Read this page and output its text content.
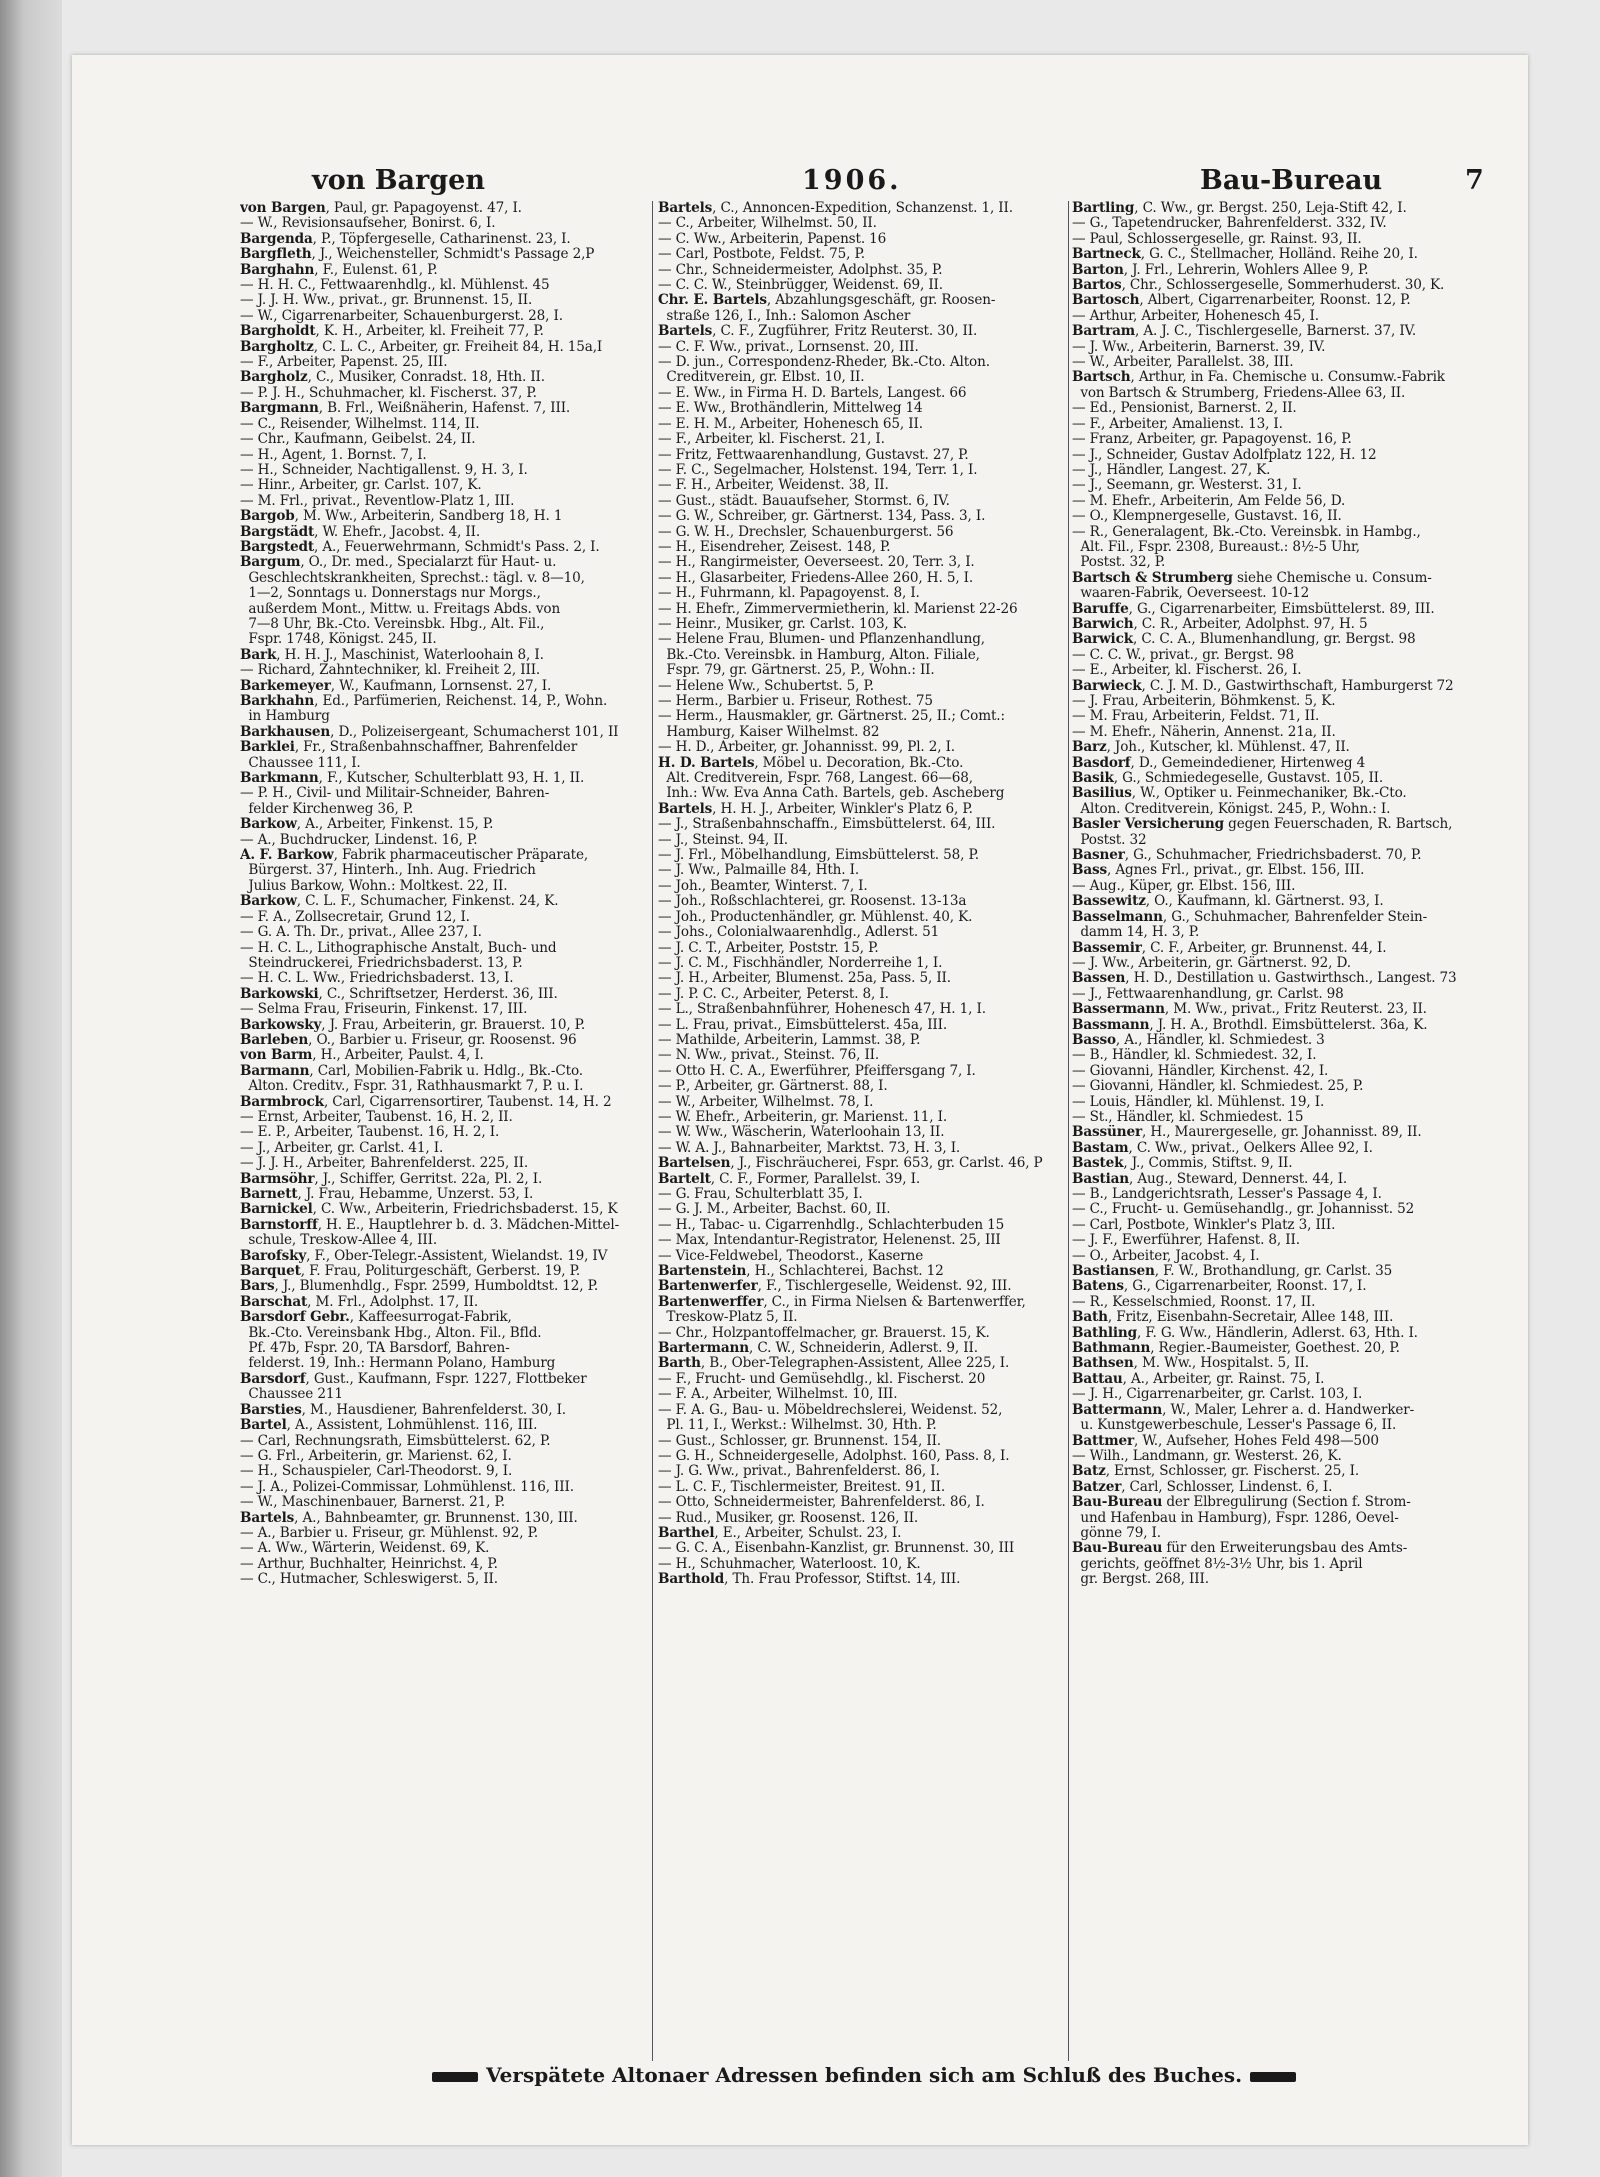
von Bargen	1906.	Bau-Bureau	7
von Bargen, Paul, gr. Papagoyenst. 47, I.
— W., Revisionsaufseher, Bonirst. 6, I.
Bargenda, P., Töpfergeselle, Catharinenst. 23, I.
Bargfleth, J., Weichensteller, Schmidt's Passage 2,P
Barghahn, F., Eulenst. 61, P.
— H. H. C., Fettwaarenhdlg., kl. Mühlenst. 45
— J. J. H. Ww., privat., gr. Brunnenst. 15, II.
— W., Cigarrenarbeiter, Schauenburgerst. 28, I.
Bargholdt, K. H., Arbeiter, kl. Freiheit 77, P.
Bargholtz, C. L. C., Arbeiter, gr. Freiheit 84, H. 15a,I
— F., Arbeiter, Papenst. 25, III.
Bargholz, C., Musiker, Conradst. 18, Hth. II.
— P. J. H., Schuhmacher, kl. Fischerst. 37, P.
Bargmann, B. Frl., Weißnäherin, Hafenst. 7, III.
— C., Reisender, Wilhelmst. 114, II.
— Chr., Kaufmann, Geibelst. 24, II.
— H., Agent, 1. Bornst. 7, I.
— H., Schneider, Nachtigallenst. 9, H. 3, I.
— Hinr., Arbeiter, gr. Carlst. 107, K.
— M. Frl., privat., Reventlow-Platz 1, III.
Bargob, M. Ww., Arbeiterin, Sandberg 18, H. 1
Bargstädt, W. Ehefr., Jacobst. 4, II.
Bargstedt, A., Feuerwehrmann, Schmidt's Pass. 2, I.
Bargum, O., Dr. med., Specialarzt für Haut- u.
Geschlechtskrankheiten, Sprechst.: tägl. v. 8—10,
1—2, Sonntags u. Donnerstags nur Morgs.,
außerdem Mont., Mittw. u. Freitags Abds. von
7—8 Uhr, Bk.-Cto. Vereinsbk. Hbg., Alt. Fil.,
Fspr. 1748, Königst. 245, II.
Bark, H. H. J., Maschinist, Waterloohain 8, I.
— Richard, Zahntechniker, kl. Freiheit 2, III.
Barkemeyer, W., Kaufmann, Lornsenst. 27, I.
Barkhahn, Ed., Parfümerien, Reichenst. 14, P., Wohn.
in Hamburg
Barkhausen, D., Polizeisergeant, Schumacherst 101, II
Barklei, Fr., Straßenbahnschaffner, Bahrenfelder
Chaussee 111, I.
Barkmann, F., Kutscher, Schulterblatt 93, H. 1, II.
— P. H., Civil- und Militair-Schneider, Bahren-
felder Kirchenweg 36, P.
Barkow, A., Arbeiter, Finkenst. 15, P.
— A., Buchdrucker, Lindenst. 16, P.
A. F. Barkow, Fabrik pharmaceutischer Präparate,
Bürgerst. 37, Hinterh., Inh. Aug. Friedrich
Julius Barkow, Wohn.: Moltkest. 22, II.
Barkow, C. L. F., Schumacher, Finkenst. 24, K.
— F. A., Zollsecretair, Grund 12, I.
— G. A. Th. Dr., privat., Allee 237, I.
— H. C. L., Lithographische Anstalt, Buch- und
Steindruckerei, Friedrichsbaderst. 13, P.
— H. C. L. Ww., Friedrichsbaderst. 13, I.
Barkowski, C., Schriftsetzer, Herderst. 36, III.
— Selma Frau, Friseurin, Finkenst. 17, III.
Barkowsky, J. Frau, Arbeiterin, gr. Brauerst. 10, P.
Barleben, O., Barbier u. Friseur, gr. Roosenst. 96
von Barm, H., Arbeiter, Paulst. 4, I.
Barmann, Carl, Mobilien-Fabrik u. Hdlg., Bk.-Cto.
Alton. Creditv., Fspr. 31, Rathhausmarkt 7, P. u. I.
Barmbrock, Carl, Cigarrensortirer, Taubenst. 14, H. 2
— Ernst, Arbeiter, Taubenst. 16, H. 2, II.
— E. P., Arbeiter, Taubenst. 16, H. 2, I.
— J., Arbeiter, gr. Carlst. 41, I.
— J. J. H., Arbeiter, Bahrenfelderst. 225, II.
Barmsöhr, J., Schiffer, Gerritst. 22a, Pl. 2, I.
Barnett, J. Frau, Hebamme, Unzerst. 53, I.
Barnickel, C. Ww., Arbeiterin, Friedrichsbaderst. 15, K
Barnstorff, H. E., Hauptlehrer b. d. 3. Mädchen-Mittel-
schule, Treskow-Allee 4, III.
Barofsky, F., Ober-Telegr.-Assistent, Wielandst. 19, IV
Barquet, F. Frau, Politurgeschäft, Gerberst. 19, P.
Bars, J., Blumenhdlg., Fspr. 2599, Humboldtst. 12, P.
Barschat, M. Frl., Adolphst. 17, II.
Barsdorf Gebr., Kaffeesurrogat-Fabrik,
Bk.-Cto. Vereinsbank Hbg., Alton. Fil., Bfld.
Pf. 47b, Fspr. 20, TA Barsdorf, Bahren-
felderst. 19, Inh.: Hermann Polano, Hamburg
Barsdorf, Gust., Kaufmann, Fspr. 1227, Flottbeker
Chaussee 211
Barsties, M., Hausdiener, Bahrenfelderst. 30, I.
Bartel, A., Assistent, Lohmühlenst. 116, III.
— Carl, Rechnungsrath, Eimsbüttelerst. 62, P.
— G. Frl., Arbeiterin, gr. Marienst. 62, I.
— H., Schauspieler, Carl-Theodorst. 9, I.
— J. A., Polizei-Commissar, Lohmühlenst. 116, III.
— W., Maschinenbauer, Barnerst. 21, P.
Bartels, A., Bahnbeamter, gr. Brunnenst. 130, III.
— A., Barbier u. Friseur, gr. Mühlenst. 92, P.
— A. Ww., Wärterin, Weidenst. 69, K.
— Arthur, Buchhalter, Heinrichst. 4, P.
— C., Hutmacher, Schleswigerst. 5, II.
Bartels, C., Annoncen-Expedition, Schanzenst. 1, II.
— C., Arbeiter, Wilhelmst. 50, II.
— C. Ww., Arbeiterin, Papenst. 16
— Carl, Postbote, Feldst. 75, P.
— Chr., Schneidermeister, Adolphst. 35, P.
— C. C. W., Steinbrügger, Weidenst. 69, II.
Chr. E. Bartels, Abzahlungsgeschäft, gr. Roosen-
straße 126, I., Inh.: Salomon Ascher
Bartels, C. F., Zugführer, Fritz Reuterst. 30, II.
— C. F. Ww., privat., Lornsenst. 20, III.
— D. jun., Correspondenz-Rheder, Bk.-Cto. Alton.
Creditverein, gr. Elbst. 10, II.
— E. Ww., in Firma H. D. Bartels, Langest. 66
— E. Ww., Brothändlerin, Mittelweg 14
— E. H. M., Arbeiter, Hohenesch 65, II.
— F., Arbeiter, kl. Fischerst. 21, I.
— Fritz, Fettwaarenhandlung, Gustavst. 27, P.
— F. C., Segelmacher, Holstenst. 194, Terr. 1, I.
— F. H., Arbeiter, Weidenst. 38, II.
— Gust., städt. Bauaufseher, Stormst. 6, IV.
— G. W., Schreiber, gr. Gärtnerst. 134, Pass. 3, I.
— G. W. H., Drechsler, Schauenburgerst. 56
— H., Eisendreher, Zeisest. 148, P.
— H., Rangirmeister, Oeverseest. 20, Terr. 3, I.
— H., Glasarbeiter, Friedens-Allee 260, H. 5, I.
— H., Fuhrmann, kl. Papagoyenst. 8, I.
— H. Ehefr., Zimmervermietherin, kl. Marienst 22-26
— Heinr., Musiker, gr. Carlst. 103, K.
— Helene Frau, Blumen- und Pflanzenhandlung,
Bk.-Cto. Vereinsbk. in Hamburg, Alton. Filiale,
Fspr. 79, gr. Gärtnerst. 25, P., Wohn.: II.
— Helene Ww., Schubertst. 5, P.
— Herm., Barbier u. Friseur, Rothest. 75
— Herm., Hausmakler, gr. Gärtnerst. 25, II.; Comt.:
Hamburg, Kaiser Wilhelmst. 82
— H. D., Arbeiter, gr. Johannisst. 99, Pl. 2, I.
H. D. Bartels, Möbel u. Decoration, Bk.-Cto.
Alt. Creditverein, Fspr. 768, Langest. 66—68,
Inh.: Ww. Eva Anna Cath. Bartels, geb. Ascheberg
Bartels, H. H. J., Arbeiter, Winkler's Platz 6, P.
— J., Straßenbahnschaffn., Eimsbüttelerst. 64, III.
— J., Steinst. 94, II.
— J. Frl., Möbelhandlung, Eimsbüttelerst. 58, P.
— J. Ww., Palmaille 84, Hth. I.
— Joh., Beamter, Winterst. 7, I.
— Joh., Roßschlachterei, gr. Roosenst. 13-13a
— Joh., Productenhändler, gr. Mühlenst. 40, K.
— Johs., Colonialwaarenhdlg., Adlerst. 51
— J. C. T., Arbeiter, Poststr. 15, P.
— J. C. M., Fischhändler, Norderreihe 1, I.
— J. H., Arbeiter, Blumenst. 25a, Pass. 5, II.
— J. P. C. C., Arbeiter, Peterst. 8, I.
— L., Straßenbahnführer, Hohenesch 47, H. 1, I.
— L. Frau, privat., Eimsbüttelerst. 45a, III.
— Mathilde, Arbeiterin, Lammst. 38, P.
— N. Ww., privat., Steinst. 76, II.
— Otto H. C. A., Ewerführer, Pfeiffersgang 7, I.
— P., Arbeiter, gr. Gärtnerst. 88, I.
— W., Arbeiter, Wilhelmst. 78, I.
— W. Ehefr., Arbeiterin, gr. Marienst. 11, I.
— W. Ww., Wäscherin, Waterloohain 13, II.
— W. A. J., Bahnarbeiter, Marktst. 73, H. 3, I.
Bartelsen, J., Fischräucherei, Fspr. 653, gr. Carlst. 46, P
Bartelt, C. F., Former, Parallelst. 39, I.
— G. Frau, Schulterblatt 35, I.
— G. J. M., Arbeiter, Bachst. 60, II.
— H., Tabac- u. Cigarrenhdlg., Schlachterbuden 15
— Max, Intendantur-Registrator, Helenenst. 25, III
— Vice-Feldwebel, Theodorst., Kaserne
Bartenstein, H., Schlachterei, Bachst. 12
Bartenwerfer, F., Tischlergeselle, Weidenst. 92, III.
Bartenwerffer, C., in Firma Nielsen & Bartenwerffer,
Treskow-Platz 5, II.
— Chr., Holzpantoffelmacher, gr. Brauerst. 15, K.
Bartermann, C. W., Schneiderin, Adlerst. 9, II.
Barth, B., Ober-Telegraphen-Assistent, Allee 225, I.
— F., Frucht- und Gemüsehdlg., kl. Fischerst. 20
— F. A., Arbeiter, Wilhelmst. 10, III.
— F. A. G., Bau- u. Möbeldrechslerei, Weidenst. 52,
Pl. 11, I., Werkst.: Wilhelmst. 30, Hth. P.
— Gust., Schlosser, gr. Brunnenst. 154, II.
— G. H., Schneidergeselle, Adolphst. 160, Pass. 8, I.
— J. G. Ww., privat., Bahrenfelderst. 86, I.
— L. C. F., Tischlermeister, Breitest. 91, II.
— Otto, Schneidermeister, Bahrenfelderst. 86, I.
— Rud., Musiker, gr. Roosenst. 126, II.
Barthel, E., Arbeiter, Schulst. 23, I.
— G. C. A., Eisenbahn-Kanzlist, gr. Brunnenst. 30, III
— H., Schuhmacher, Waterloost. 10, K.
Barthold, Th. Frau Professor, Stiftst. 14, III.
Bartling, C. Ww., gr. Bergst. 250, Leja-Stift 42, I.
— G., Tapetendrucker, Bahrenfelderst. 332, IV.
— Paul, Schlossergeselle, gr. Rainst. 93, II.
Bartneck, G. C., Stellmacher, Holländ. Reihe 20, I.
Barton, J. Frl., Lehrerin, Wohlers Allee 9, P.
Bartos, Chr., Schlossergeselle, Sommerhuderst. 30, K.
Bartosch, Albert, Cigarrenarbeiter, Roonst. 12, P.
— Arthur, Arbeiter, Hohenesch 45, I.
Bartram, A. J. C., Tischlergeselle, Barnerst. 37, IV.
— J. Ww., Arbeiterin, Barnerst. 39, IV.
— W., Arbeiter, Parallelst. 38, III.
Bartsch, Arthur, in Fa. Chemische u. Consumw.-Fabrik
von Bartsch & Strumberg, Friedens-Allee 63, II.
— Ed., Pensionist, Barnerst. 2, II.
— F., Arbeiter, Amalienst. 13, I.
— Franz, Arbeiter, gr. Papagoyenst. 16, P.
— J., Schneider, Gustav Adolfplatz 122, H. 12
— J., Händler, Langest. 27, K.
— J., Seemann, gr. Westerst. 31, I.
— M. Ehefr., Arbeiterin, Am Felde 56, D.
— O., Klempnergeselle, Gustavst. 16, II.
— R., Generalagent, Bk.-Cto. Vereinsbk. in Hambg.,
Alt. Fil., Fspr. 2308, Bureaust.: 8½-5 Uhr,
Postst. 32, P.
Bartsch & Strumberg siehe Chemische u. Consum-
waaren-Fabrik, Oeverseest. 10-12
Baruffe, G., Cigarrenarbeiter, Eimsbüttelerst. 89, III.
Barwich, C. R., Arbeiter, Adolphst. 97, H. 5
Barwick, C. C. A., Blumenhandlung, gr. Bergst. 98
— C. C. W., privat., gr. Bergst. 98
— E., Arbeiter, kl. Fischerst. 26, I.
Barwieck, C. J. M. D., Gastwirthschaft, Hamburgerst 72
— J. Frau, Arbeiterin, Böhmkenst. 5, K.
— M. Frau, Arbeiterin, Feldst. 71, II.
— M. Ehefr., Näherin, Annenst. 21a, II.
Barz, Joh., Kutscher, kl. Mühlenst. 47, II.
Basdorf, D., Gemeindediener, Hirtenweg 4
Basik, G., Schmiedegeselle, Gustavst. 105, II.
Basilius, W., Optiker u. Feinmechaniker, Bk.-Cto.
Alton. Creditverein, Königst. 245, P., Wohn.: I.
Basler Versicherung gegen Feuerschaden, R. Bartsch,
Postst. 32
Basner, G., Schuhmacher, Friedrichsbaderst. 70, P.
Bass, Agnes Frl., privat., gr. Elbst. 156, III.
— Aug., Küper, gr. Elbst. 156, III.
Bassewitz, O., Kaufmann, kl. Gärtnerst. 93, I.
Basselmann, G., Schuhmacher, Bahrenfelder Stein-
damm 14, H. 3, P.
Bassemir, C. F., Arbeiter, gr. Brunnenst. 44, I.
— J. Ww., Arbeiterin, gr. Gärtnerst. 92, D.
Bassen, H. D., Destillation u. Gastwirthsch., Langest. 73
— J., Fettwaarenhandlung, gr. Carlst. 98
Bassermann, M. Ww., privat., Fritz Reuterst. 23, II.
Bassmann, J. H. A., Brothdl. Eimsbüttelerst. 36a, K.
Basso, A., Händler, kl. Schmiedest. 3
— B., Händler, kl. Schmiedest. 32, I.
— Giovanni, Händler, Kirchenst. 42, I.
— Giovanni, Händler, kl. Schmiedest. 25, P.
— Louis, Händler, kl. Mühlenst. 19, I.
— St., Händler, kl. Schmiedest. 15
Bassüner, H., Maurergeselle, gr. Johannisst. 89, II.
Bastam, C. Ww., privat., Oelkers Allee 92, I.
Bastek, J., Commis, Stiftst. 9, II.
Bastian, Aug., Steward, Dennerst. 44, I.
— B., Landgerichtsrath, Lesser's Passage 4, I.
— C., Frucht- u. Gemüsehandlg., gr. Johannisst. 52
— Carl, Postbote, Winkler's Platz 3, III.
— J. F., Ewerführer, Hafenst. 8, II.
— O., Arbeiter, Jacobst. 4, I.
Bastiansen, F. W., Brothandlung, gr. Carlst. 35
Batens, G., Cigarrenarbeiter, Roonst. 17, I.
— R., Kesselschmied, Roonst. 17, II.
Bath, Fritz, Eisenbahn-Secretair, Allee 148, III.
Bathling, F. G. Ww., Händlerin, Adlerst. 63, Hth. I.
Bathmann, Regier.-Baumeister, Goethest. 20, P.
Bathsen, M. Ww., Hospitalst. 5, II.
Battau, A., Arbeiter, gr. Rainst. 75, I.
— J. H., Cigarrenarbeiter, gr. Carlst. 103, I.
Battermann, W., Maler, Lehrer a. d. Handwerker-
u. Kunstgewerbeschule, Lesser's Passage 6, II.
Battmer, W., Aufseher, Hohes Feld 498—500
— Wilh., Landmann, gr. Westerst. 26, K.
Batz, Ernst, Schlosser, gr. Fischerst. 25, I.
Batzer, Carl, Schlosser, Lindenst. 6, I.
Bau-Bureau der Elbregulirung (Section f. Strom-
und Hafenbau in Hamburg), Fspr. 1286, Oevel-
gönne 79, I.
Bau-Bureau für den Erweiterungsbau des Amts-
gerichts, geöffnet 8½-3½ Uhr, bis 1. April
gr. Bergst. 268, III.
Verspätete Altonaer Adressen befinden sich am Schluß des Buches.
